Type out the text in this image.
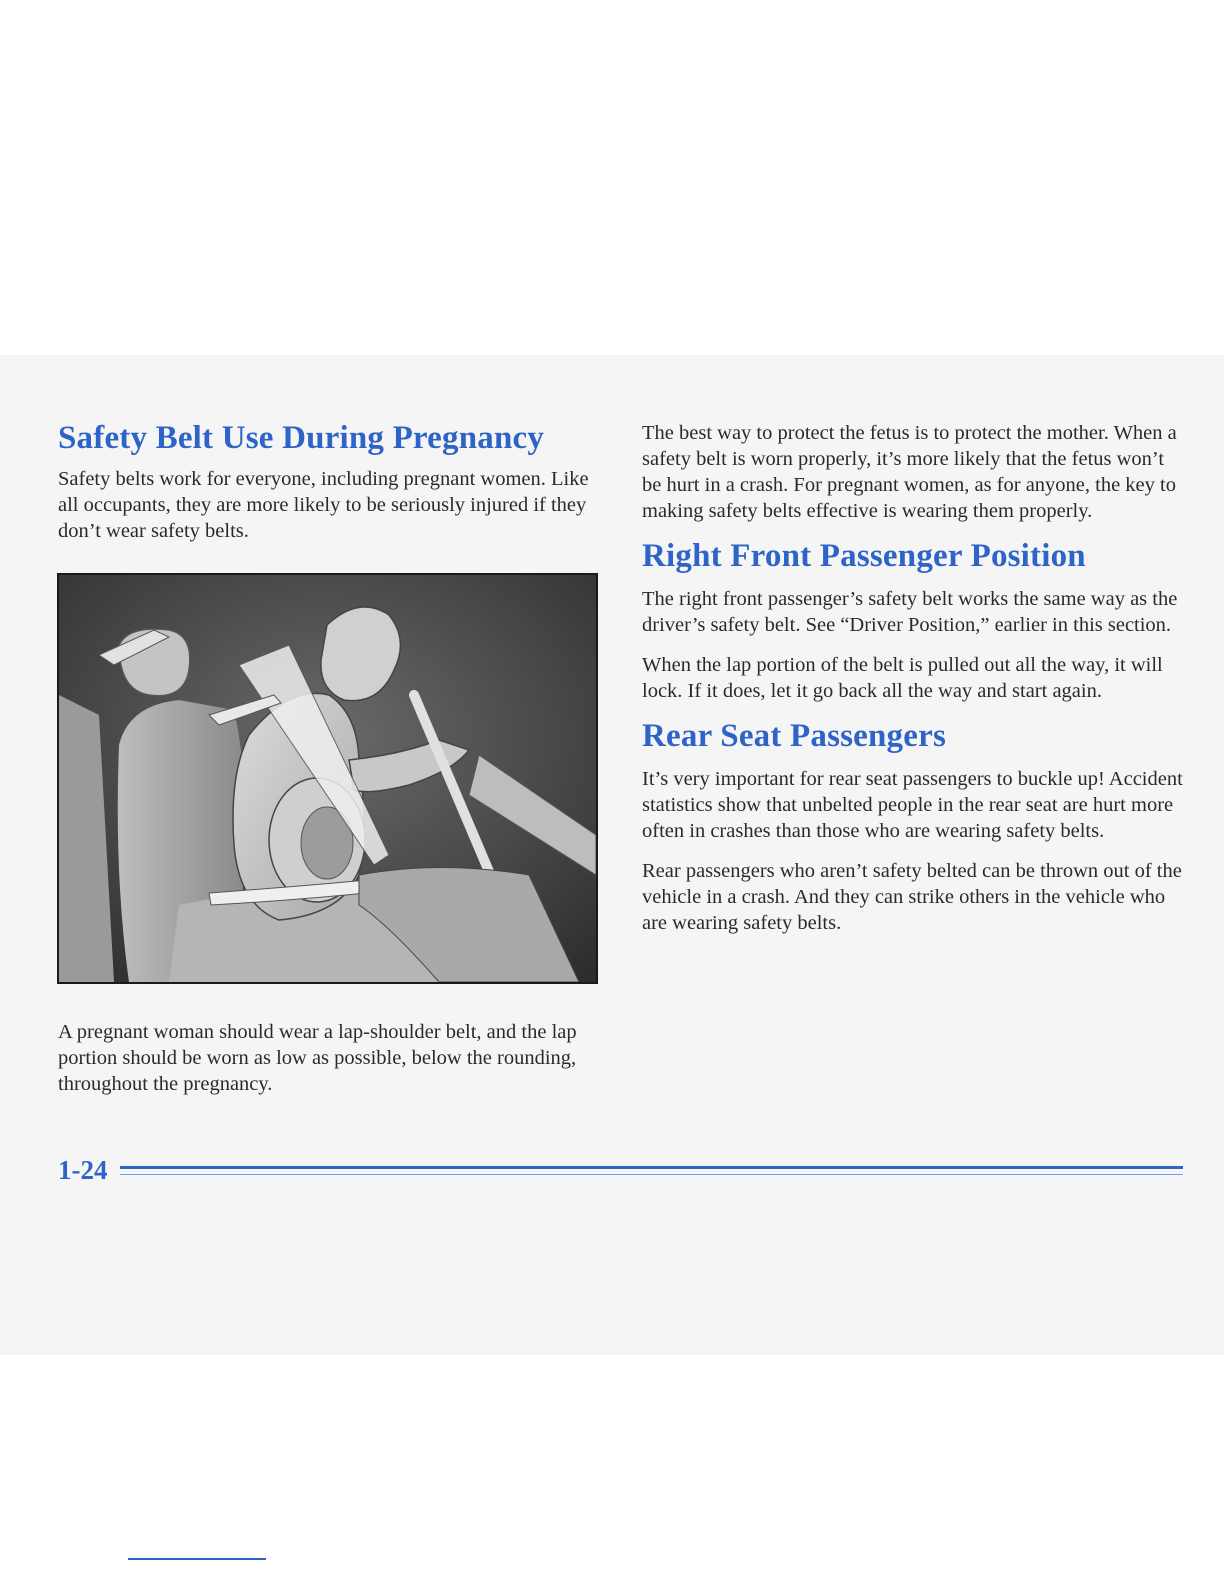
Safety Belt Use During Pregnancy

Safety belts work for everyone, including pregnant women. Like all occupants, they are more likely to be seriously injured if they don’t wear safety belts.

A pregnant woman should wear a lap-shoulder belt, and the lap portion should be worn as low as possible, below the rounding, throughout the pregnancy.

The best way to protect the fetus is to protect the mother. When a safety belt is worn properly, it’s more likely that the fetus won’t be hurt in a crash. For pregnant women, as for anyone, the key to making safety belts effective is wearing them properly.

Right Front Passenger Position

The right front passenger’s safety belt works the same way as the driver’s safety belt. See “Driver Position,” earlier in this section.

When the lap portion of the belt is pulled out all the way, it will lock. If it does, let it go back all the way and start again.

Rear Seat Passengers

It’s very important for rear seat passengers to buckle up! Accident statistics show that unbelted people in the rear seat are hurt more often in crashes than those who are wearing safety belts.

Rear passengers who aren’t safety belted can be thrown out of the vehicle in a crash. And they can strike others in the vehicle who are wearing safety belts.

1-24
